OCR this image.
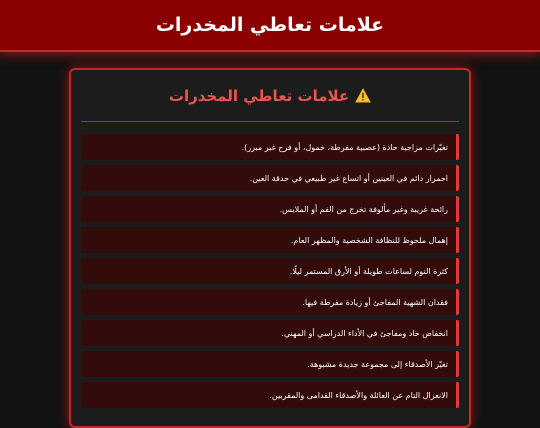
علامات تعاطي المخدرات
علامات تعاطي المخدرات
تغيّرات مزاجية حادة (عصبية مفرطة، خمول، أو فرح غير مبرر).
احمرار دائم في العينين أو اتساع غير طبيعي في حدقة العين.
رائحة غريبة وغير مألوفة تخرج من الفم أو الملابس.
إهمال ملحوظ للنظافة الشخصية والمظهر العام.
كثرة النوم لساعات طويلة أو الأرق المستمر ليلًا.
فقدان الشهية المفاجئ أو زيادة مفرطة فيها.
انخفاض حاد ومفاجئ في الأداء الدراسي أو المهني.
تغيّر الأصدقاء إلى مجموعة جديدة مشبوهة.
الانعزال التام عن العائلة والأصدقاء القدامى والمقربين.
